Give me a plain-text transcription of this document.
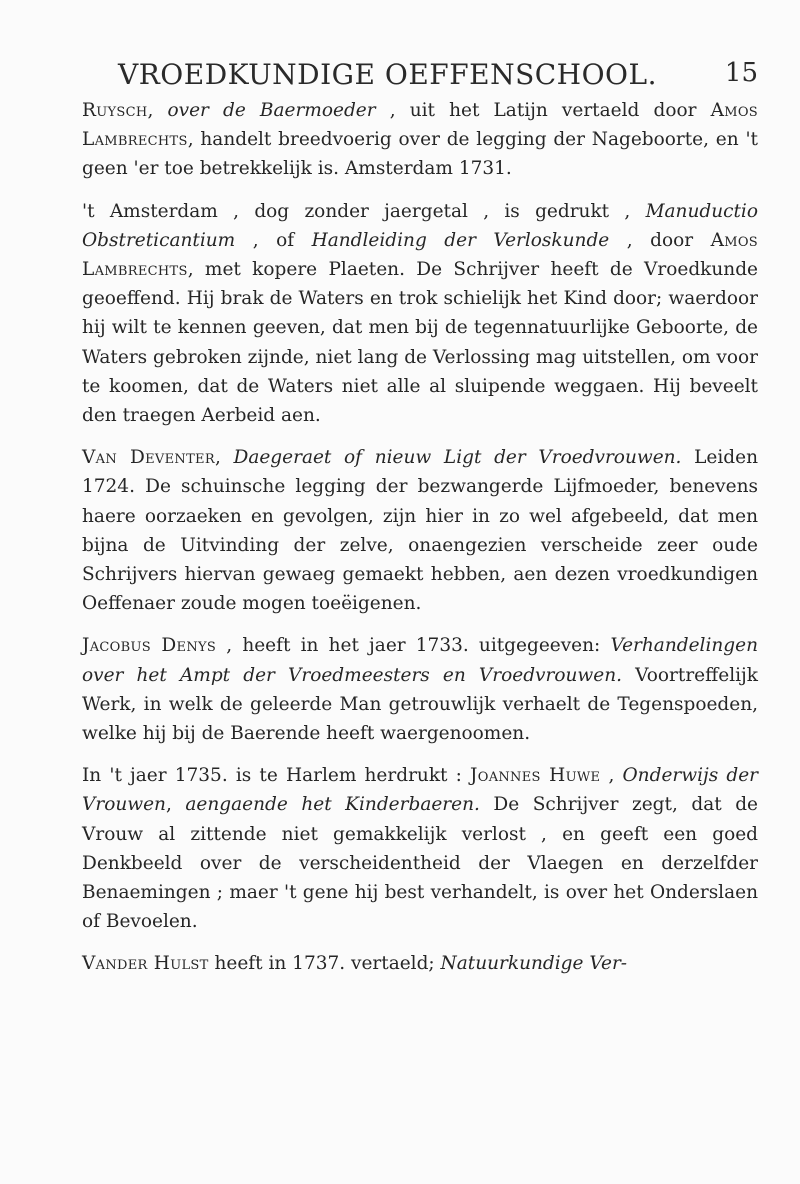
VROEDKUNDIGE OEFFENSCHOOL.	15

Ruysch, over de Baermoeder , uit het Latijn vertaeld door Amos Lambrechts, handelt breedvoerig over de legging der Nageboorte, en 't geen 'er toe betrekkelijk is. Amsterdam 1731.

't Amsterdam , dog zonder jaergetal , is gedrukt , Manuductio Obstreticantium , of Handleiding der Verloskunde , door Amos Lambrechts, met kopere Plaeten. De Schrijver heeft de Vroedkunde geoeffend. Hij brak de Waters en trok schielijk het Kind door; waerdoor hij wilt te kennen geeven, dat men bij de tegennatuurlijke Geboorte, de Waters gebroken zijnde, niet lang de Verlossing mag uitstellen, om voor te koomen, dat de Waters niet alle al sluipende weggaen. Hij beveelt den traegen Aerbeid aen.

Van Deventer, Daegeraet of nieuw Ligt der Vroedvrouwen. Leiden 1724. De schuinsche legging der bezwangerde Lijfmoeder, benevens haere oorzaeken en gevolgen, zijn hier in zo wel afgebeeld, dat men bijna de Uitvinding der zelve, onaengezien verscheide zeer oude Schrijvers hiervan gewaeg gemaekt hebben, aen dezen vroedkundigen Oeffenaer zoude mogen toeëigenen.

Jacobus Denys , heeft in het jaer 1733. uitgegeeven: Verhandelingen over het Ampt der Vroedmeesters en Vroedvrouwen. Voortreffelijk Werk, in welk de geleerde Man getrouwlijk verhaelt de Tegenspoeden, welke hij bij de Baerende heeft waergenoomen.

In 't jaer 1735. is te Harlem herdrukt : Joannes Huwe , Onderwijs der Vrouwen, aengaende het Kinderbaeren. De Schrijver zegt, dat de Vrouw al zittende niet gemakkelijk verlost , en geeft een goed Denkbeeld over de verscheidentheid der Vlaegen en derzelfder Benaemingen ; maer 't gene hij best verhandelt, is over het Onderslaen of Bevoelen.

Vander Hulst heeft in 1737. vertaeld; Natuurkundige Ver-
